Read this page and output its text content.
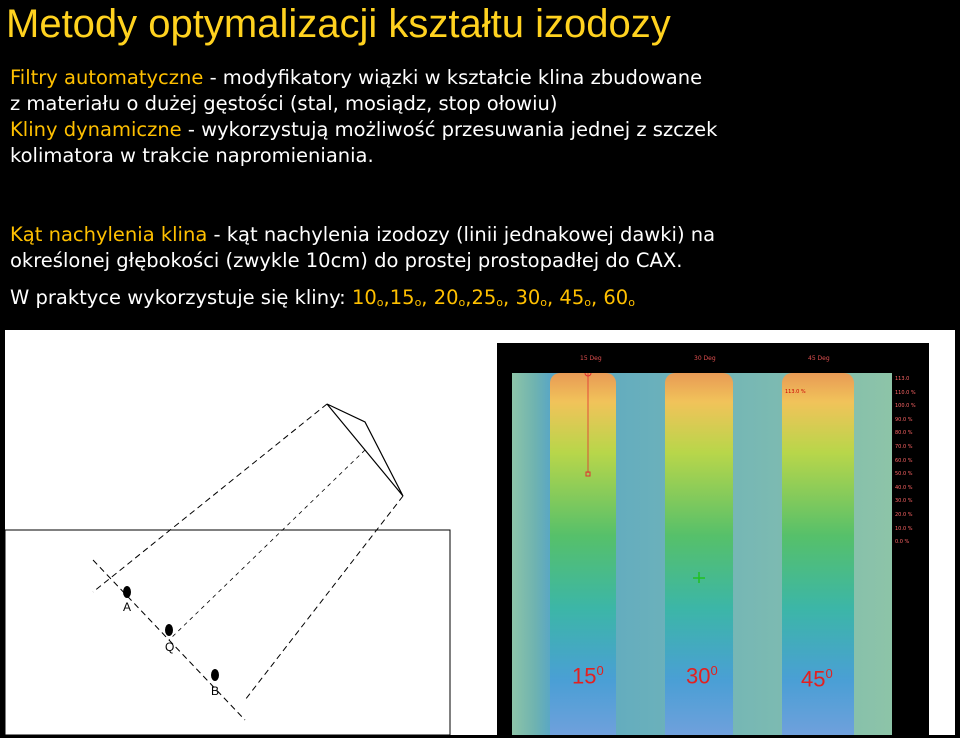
Metody optymalizacji kształtu izodozy
Filtry automatyczne - modyfikatory wiązki w kształcie klina zbudowane
z materiału o dużej gęstości (stal, mosiądz, stop ołowiu)
Kliny dynamiczne - wykorzystują możliwość przesuwania jednej z szczek
kolimatora w trakcie napromieniania.
Kąt nachylenia klina - kąt nachylenia izodozy (linii jednakowej dawki) na
określonej głębokości (zwykle 10cm) do prostej prostopadłej do CAX.
W praktyce wykorzystuje się kliny: 10o,15o, 20o,25o, 30o, 45o, 60o
A
Q
B
15 Deg	30 Deg	45 Deg
113.0 %
113.0
110.0 %
100.0 %
90.0 %
80.0 %
70.0 %
60.0 %
50.0 %
40.0 %
30.0 %
20.0 %
10.0 %
0.0 %
$15^0$	$30^0$	$45^0$
